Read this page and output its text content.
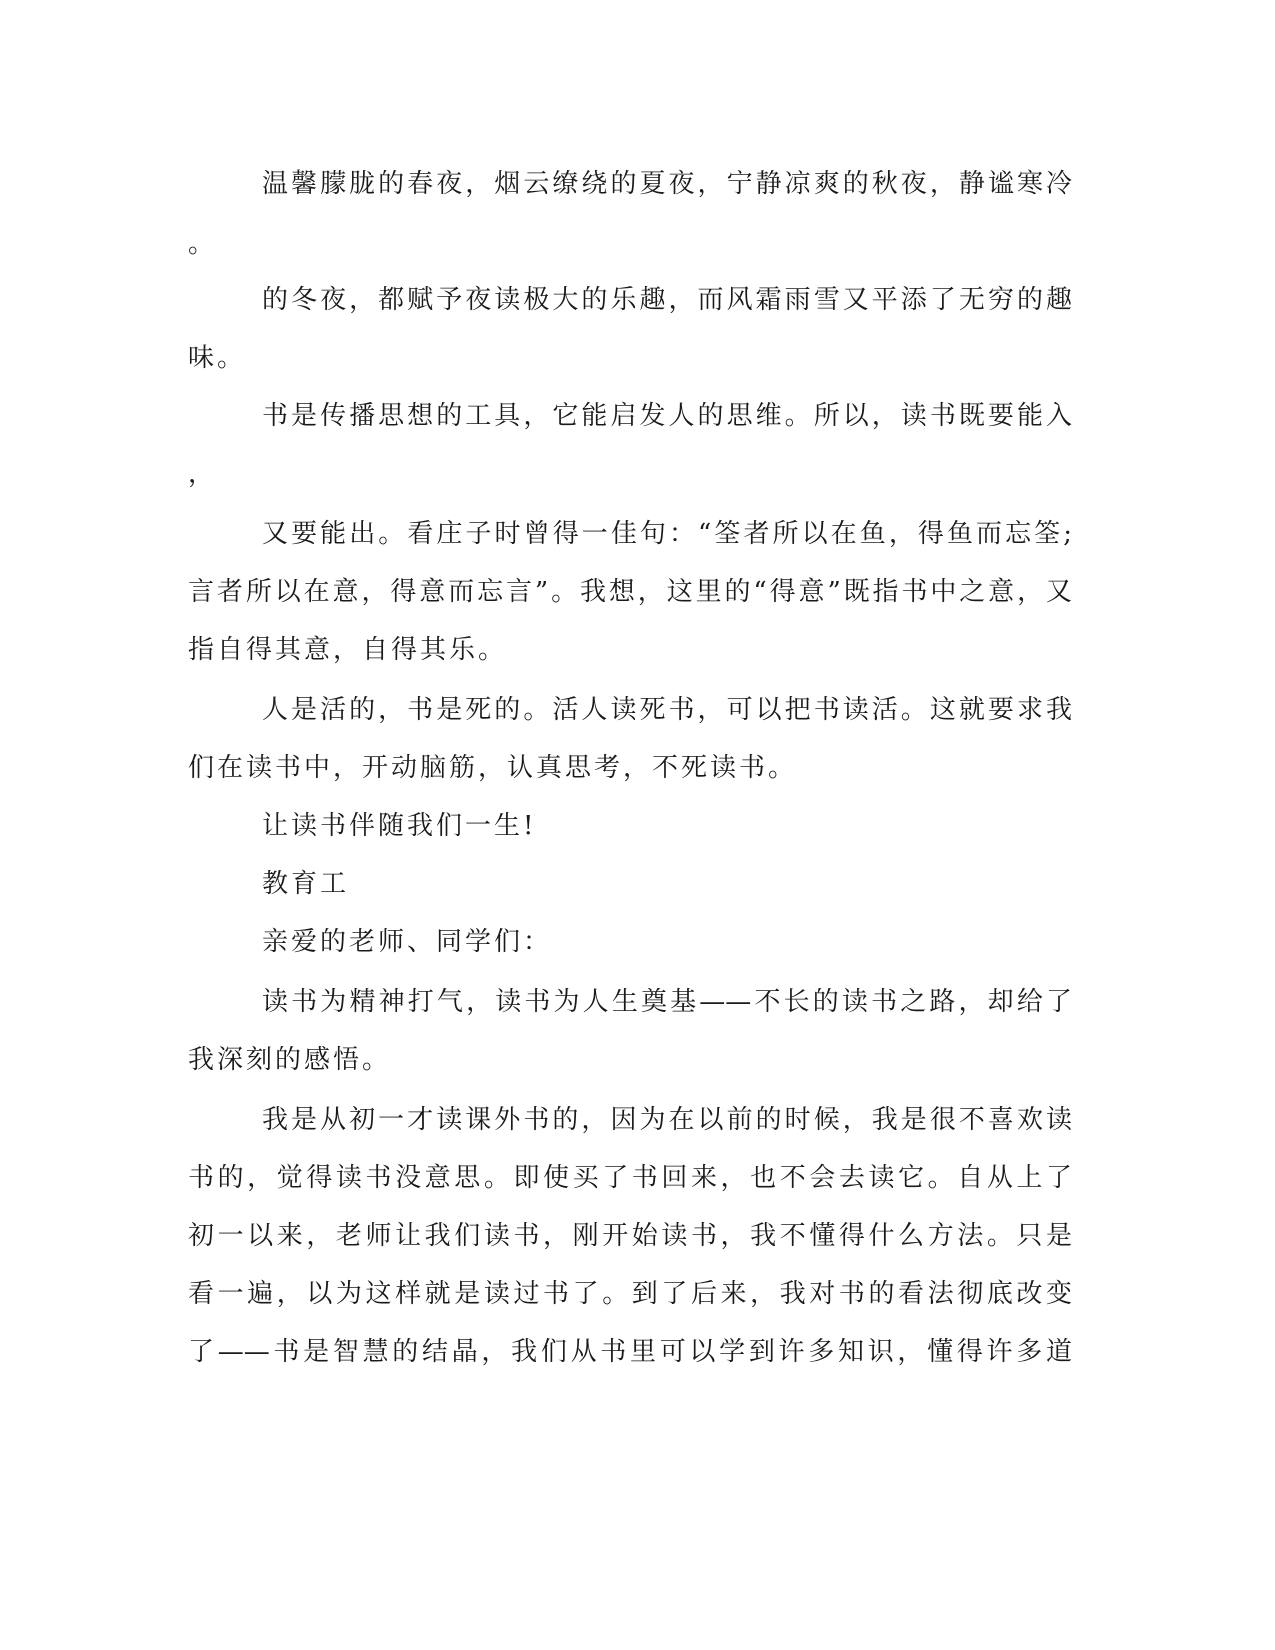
温馨朦胧的春夜，烟云缭绕的夏夜，宁静凉爽的秋夜，静谧寒冷
。
的冬夜，都赋予夜读极大的乐趣，而风霜雨雪又平添了无穷的趣
味。
书是传播思想的工具，它能启发人的思维。所以，读书既要能入
，
又要能出。看庄子时曾得一佳句：“筌者所以在鱼，得鱼而忘筌;
言者所以在意，得意而忘言”。我想，这里的“得意”既指书中之意，又
指自得其意，自得其乐。
人是活的，书是死的。活人读死书，可以把书读活。这就要求我
们在读书中，开动脑筋，认真思考，不死读书。
让读书伴随我们一生!
教育工
亲爱的老师、同学们：
读书为精神打气，读书为人生奠基——不长的读书之路，却给了
我深刻的感悟。
我是从初一才读课外书的，因为在以前的时候，我是很不喜欢读
书的，觉得读书没意思。即使买了书回来，也不会去读它。自从上了
初一以来，老师让我们读书，刚开始读书，我不懂得什么方法。只是
看一遍，以为这样就是读过书了。到了后来，我对书的看法彻底改变
了——书是智慧的结晶，我们从书里可以学到许多知识，懂得许多道
